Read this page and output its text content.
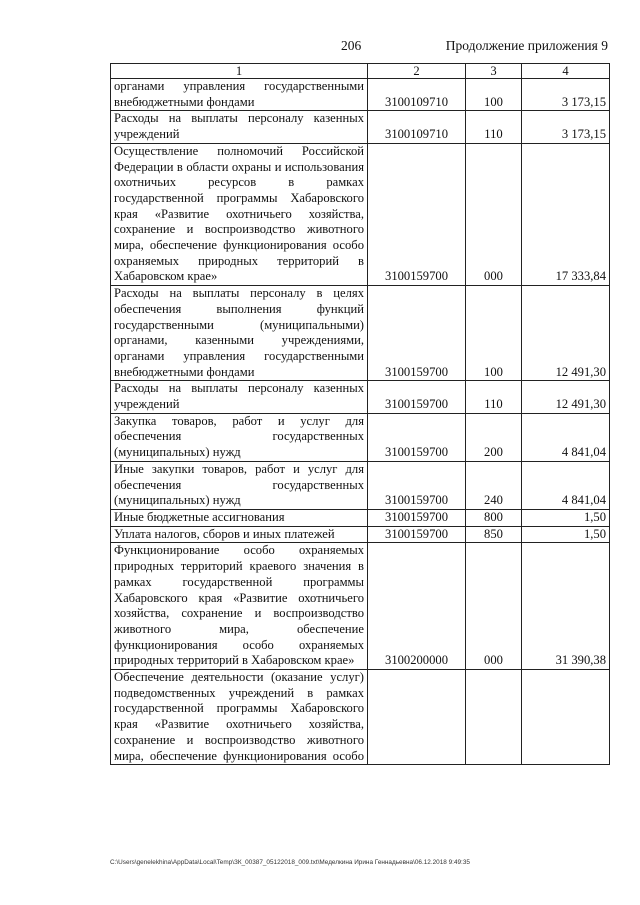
206	Продолжение приложения 9
1	2	3	4
органами управления государственными внебюджетными фондами	3100109710	100	3 173,15
Расходы на выплаты персоналу казенных учреждений	3100109710	110	3 173,15
Осуществление полномочий Российской Федерации в области охраны и использования охотничьих ресурсов в рамках государственной программы Хабаровского края «Развитие охотничьего хозяйства, сохранение и воспроизводство животного мира, обеспечение функционирования особо охраняемых природных территорий в Хабаровском крае»	3100159700	000	17 333,84
Расходы на выплаты персоналу в целях обеспечения выполнения функций государственными (муниципальными) органами, казенными учреждениями, органами управления государственными внебюджетными фондами	3100159700	100	12 491,30
Расходы на выплаты персоналу казенных учреждений	3100159700	110	12 491,30
Закупка товаров, работ и услуг для обеспечения государственных (муниципальных) нужд	3100159700	200	4 841,04
Иные закупки товаров, работ и услуг для обеспечения государственных (муниципальных) нужд	3100159700	240	4 841,04
Иные бюджетные ассигнования	3100159700	800	1,50
Уплата налогов, сборов и иных платежей	3100159700	850	1,50
Функционирование особо охраняемых природных территорий краевого значения в рамках государственной программы Хабаровского края «Развитие охотничьего хозяйства, сохранение и воспроизводство животного мира, обеспечение функционирования особо охраняемых природных территорий в Хабаровском крае»	3100200000	000	31 390,38
Обеспечение деятельности (оказание услуг) подведомственных учреждений в рамках государственной программы Хабаровского края «Развитие охотничьего хозяйства, сохранение и воспроизводство животного мира, обеспечение функционирования особо			
C:\Users\genelekhina\AppData\Local\Temp\ЗК_00387_05122018_009.txt\Меделкина Ирина Геннадьевна\06.12.2018 9:49:35
